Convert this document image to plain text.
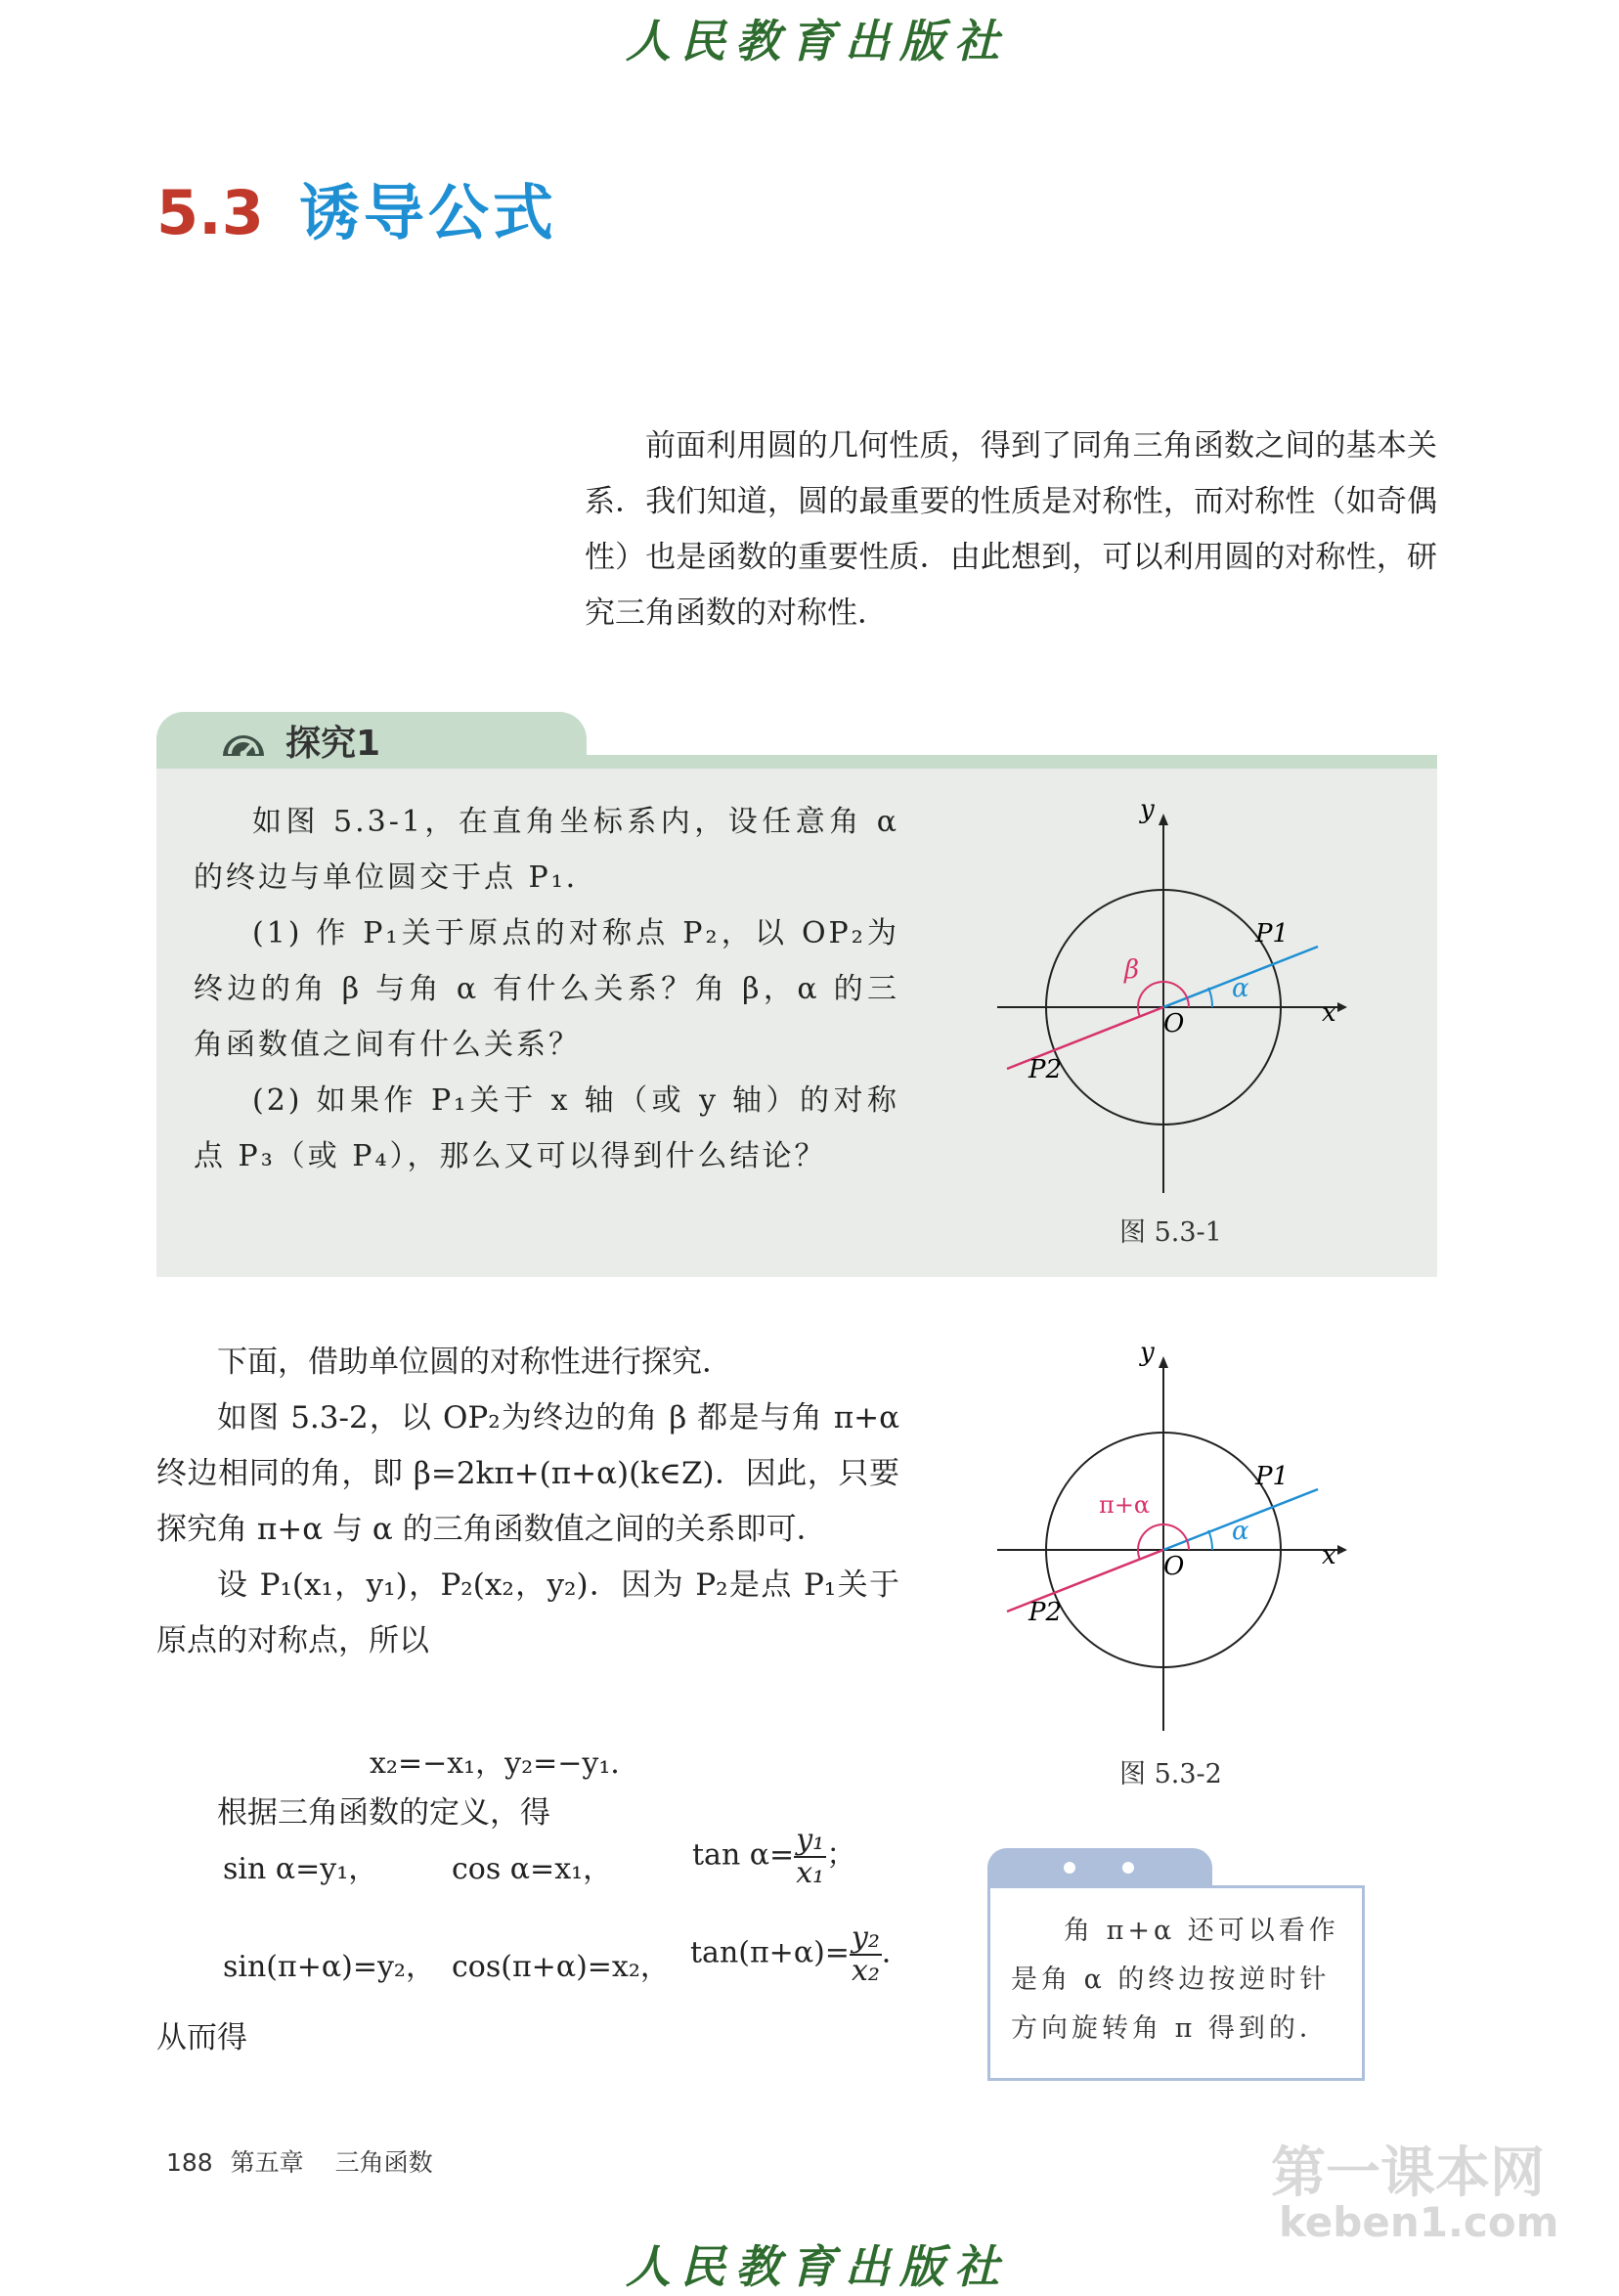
人民教育出版社
5.3 诱导公式

前面利用圆的几何性质，得到了同角三角函数之间的基本关系．我们知道，圆的最重要的性质是对称性，而对称性（如奇偶性）也是函数的重要性质．由此想到，可以利用圆的对称性，研究三角函数的对称性．

探究1

如图 5.3-1，在直角坐标系内，设任意角 α 的终边与单位圆交于点 P₁．

(1) 作 P₁关于原点的对称点 P₂，以 OP₂为终边的角 β 与角 α 有什么关系？角 β，α 的三角函数值之间有什么关系？

(2) 如果作 P₁关于 x 轴（或 y 轴）的对称点 P₃（或 P₄），那么又可以得到什么结论？

y
x
O
P1
P2
α
β
图 5.3-1

下面，借助单位圆的对称性进行探究．

如图 5.3-2，以 OP₂为终边的角 β 都是与角 π+α 终边相同的角，即 β=2kπ+(π+α)(k∈Z)．因此，只要探究角 π+α 与 α 的三角函数值之间的关系即可．

设 P₁(x₁，y₁)，P₂(x₂，y₂)．因为 P₂是点 P₁关于原点的对称点，所以

x₂=−x₁，y₂=−y₁．

根据三角函数的定义，得

sin α=y₁，	cos α=x₁，	$\tan \alpha= \frac{\text{y₁}}{\text{x₁}}$ ；
sin(π+α)=y₂， cos(π+α)=x₂， $\tan(\pi+\alpha)= \frac{\text{y₂}}{\text{x₂}}$ ．

从而得

y
x
O
P1
P2
α
π+α
图 5.3-2

角 π+α 还可以看作是角 α 的终边按逆时针方向旋转角 π 得到的．

188 第五章 三角函数	第一课本网
keben1.com
人民教育出版社
